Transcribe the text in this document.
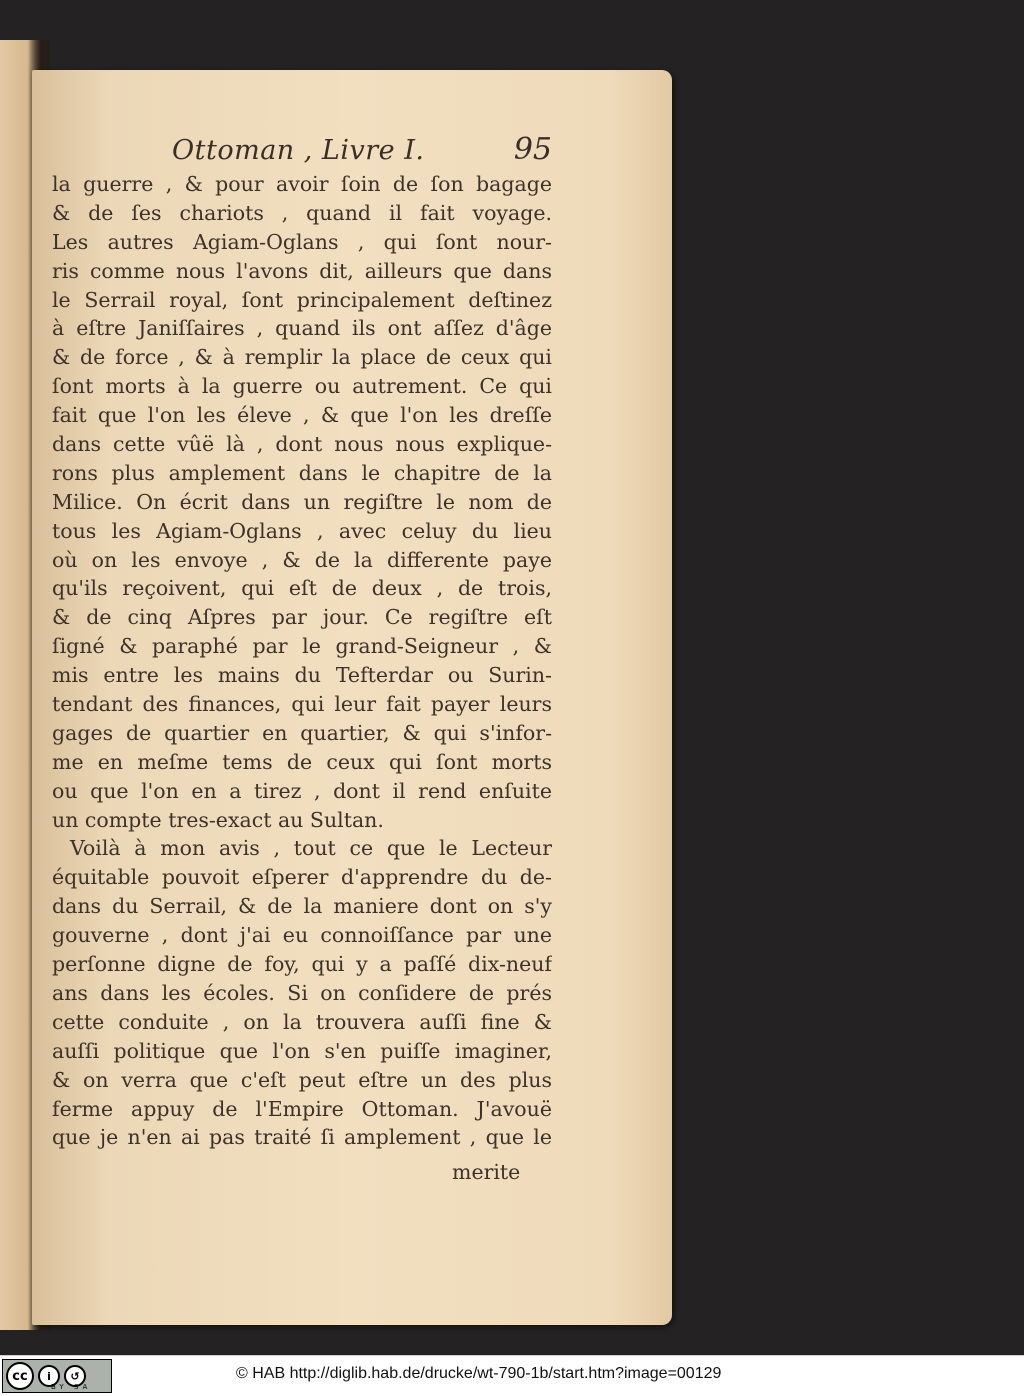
Ottoman , Livre I.	95
la guerre , & pour avoir ſoin de ſon bagage
& de ſes chariots , quand il fait voyage.
Les autres Agiam-Oglans , qui ſont nour-
ris comme nous l'avons dit, ailleurs que dans
le Serrail royal, ſont principalement deſtinez
à eſtre Janiſſaires , quand ils ont aſſez d'âge
& de force , & à remplir la place de ceux qui
ſont morts à la guerre ou autrement. Ce qui
fait que l'on les éleve , & que l'on les dreſſe
dans cette vûë là , dont nous nous explique-
rons plus amplement dans le chapitre de la
Milice. On écrit dans un regiſtre le nom de
tous les Agiam-Oglans , avec celuy du lieu
où on les envoye , & de la differente paye
qu'ils reçoivent, qui eſt de deux , de trois,
& de cinq Aſpres par jour. Ce regiſtre eſt
ſigné & paraphé par le grand-Seigneur , &
mis entre les mains du Tefterdar ou Surin-
tendant des finances, qui leur fait payer leurs
gages de quartier en quartier, & qui s'infor-
me en meſme tems de ceux qui ſont morts
ou que l'on en a tirez , dont il rend enſuite
un compte tres-exact au Sultan.
Voilà à mon avis , tout ce que le Lecteur
équitable pouvoit eſperer d'apprendre du de-
dans du Serrail, & de la maniere dont on s'y
gouverne , dont j'ai eu connoiſſance par une
perſonne digne de foy, qui y a paſſé dix-neuf
ans dans les écoles. Si on conſidere de prés
cette conduite , on la trouvera auſſi fine &
auſſi politique que l'on s'en puiſſe imaginer,
& on verra que c'eſt peut eſtre un des plus
ferme appuy de l'Empire Ottoman. J'avouë
que je n'en ai pas traité ſi amplement , que le
merite
cc	i	↺
BY SA
© HAB http://diglib.hab.de/drucke/wt-790-1b/start.htm?image=00129
